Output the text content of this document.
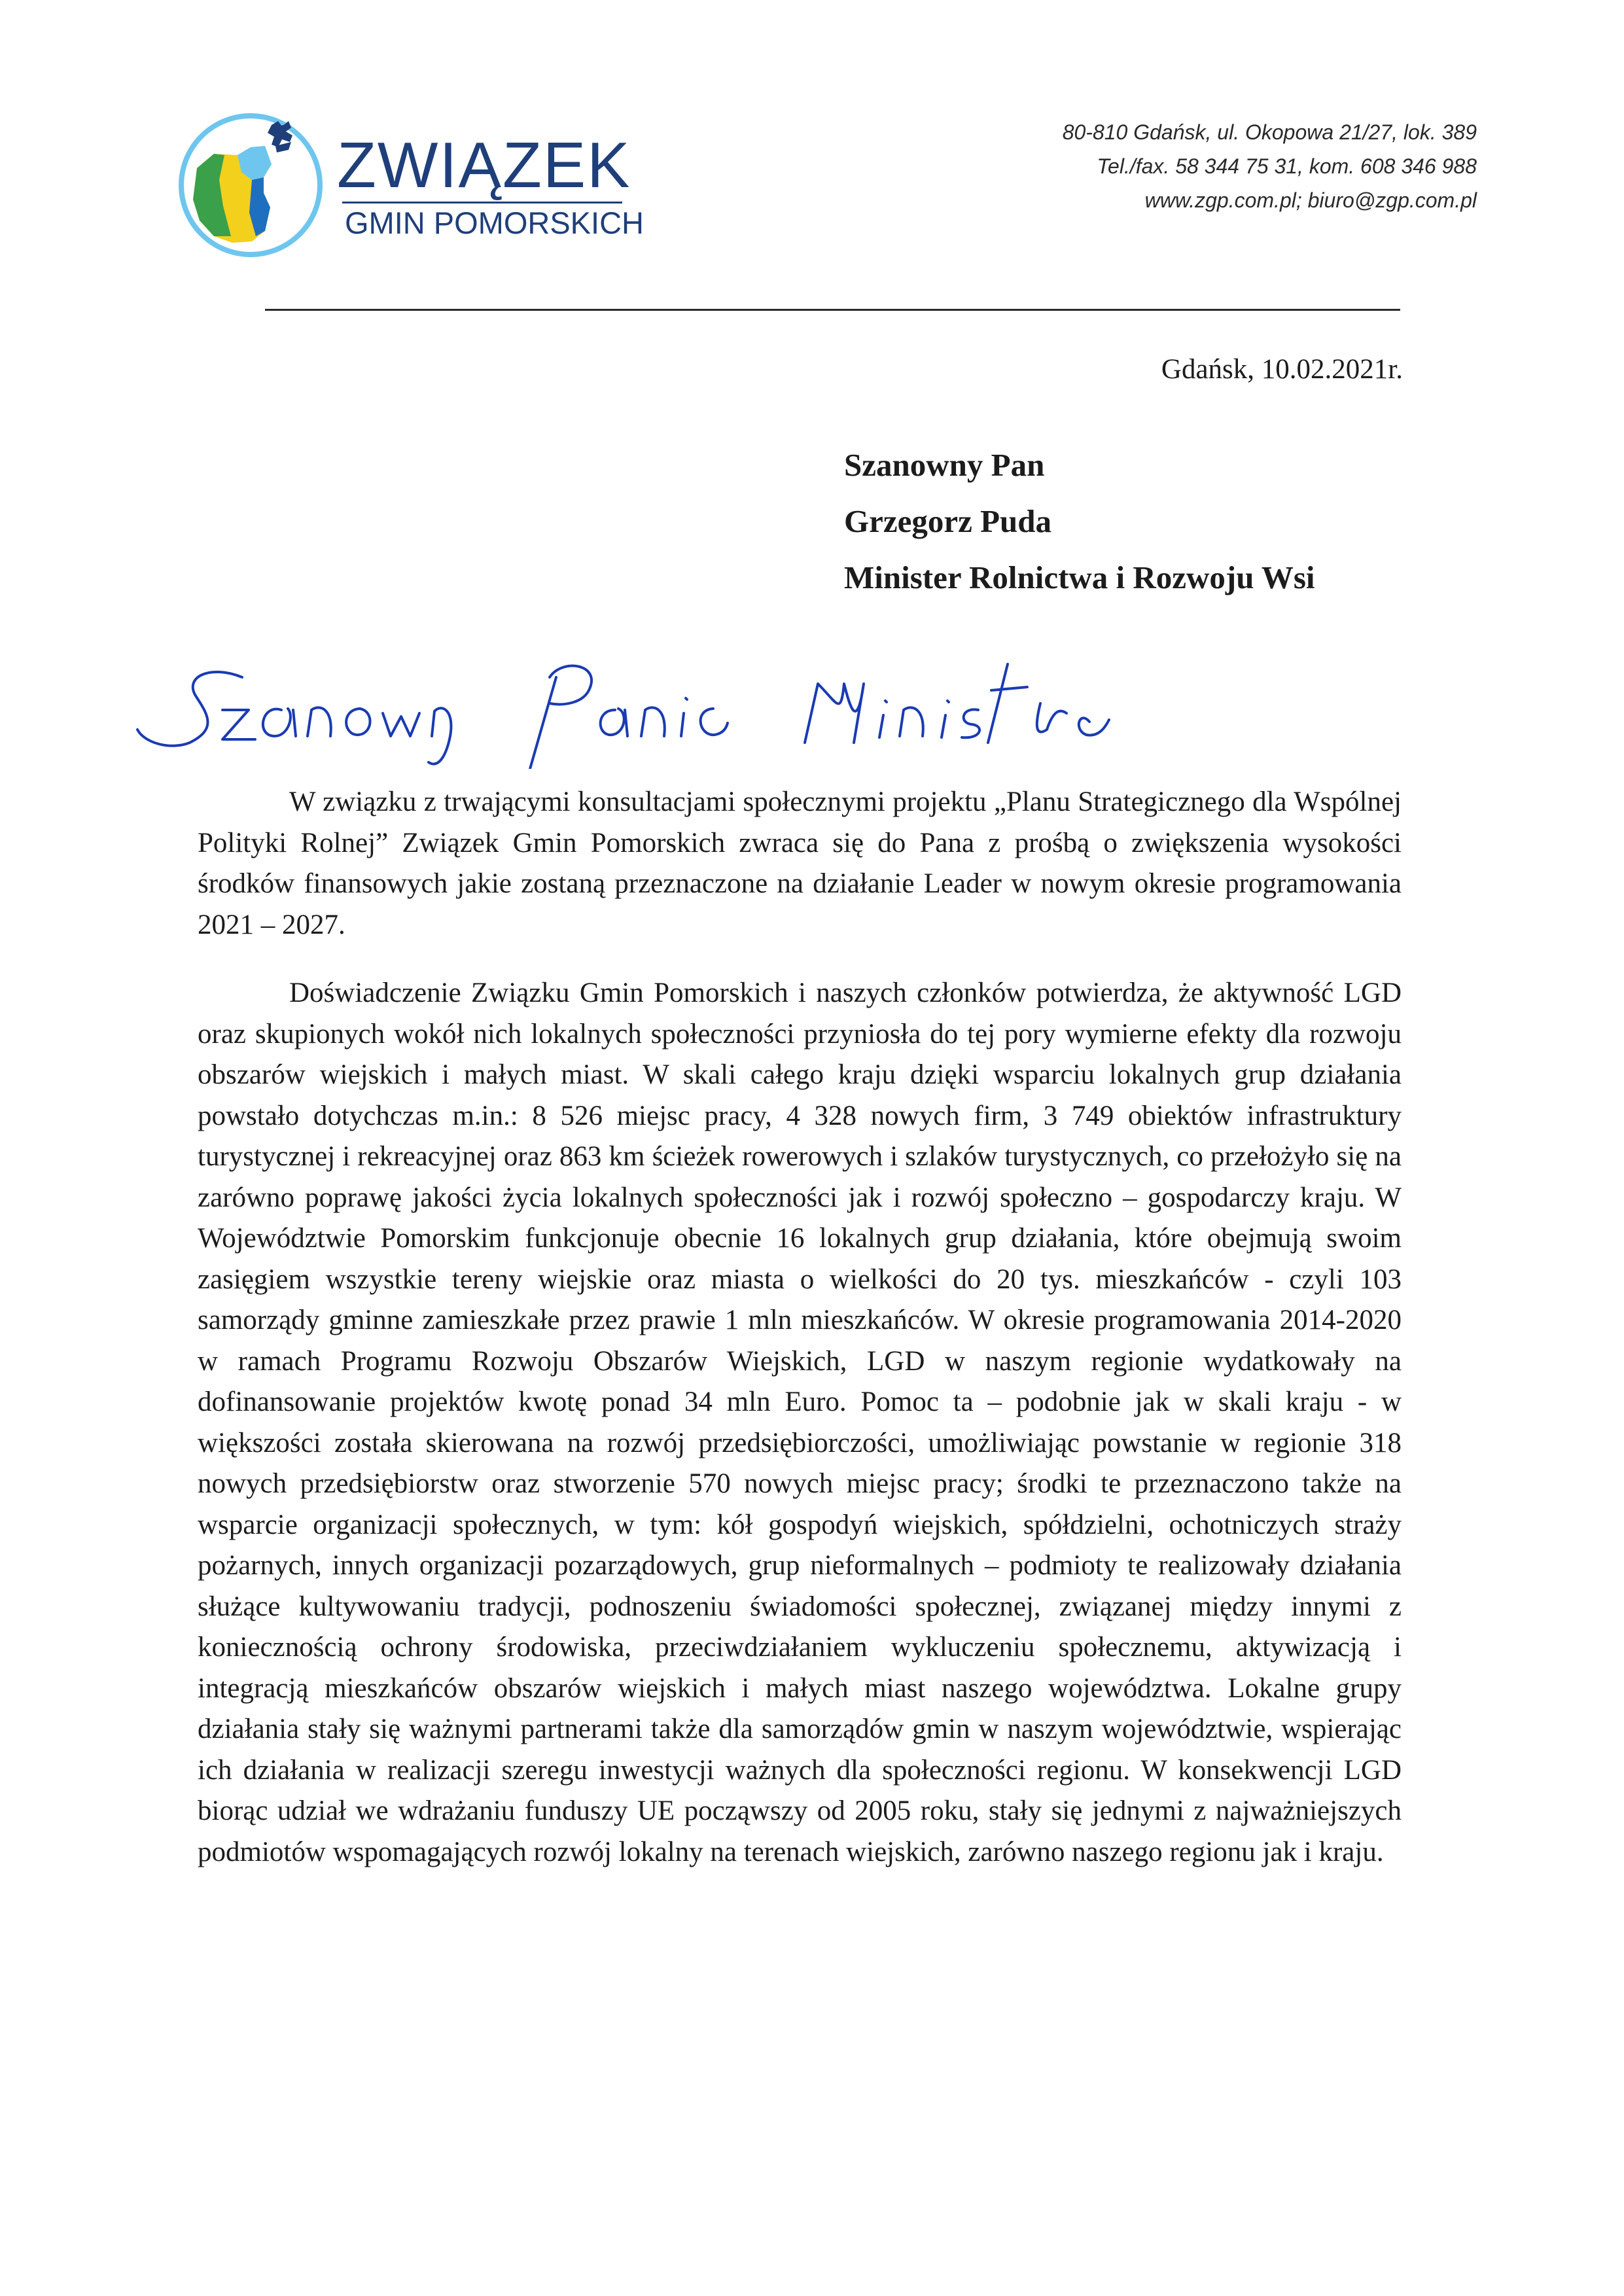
ZWIĄZEK
GMIN POMORSKICH
80-810 Gdańsk, ul. Okopowa 21/27, lok. 389
Tel./fax. 58 344 75 31, kom. 608 346 988
www.zgp.com.pl; biuro@zgp.com.pl
Gdańsk, 10.02.2021r.
Szanowny Pan
Grzegorz Puda
Minister Rolnictwa i Rozwoju Wsi

W związku z trwającymi konsultacjami społecznymi projektu „Planu Strategicznego dla Wspólnej Polityki Rolnej” Związek Gmin Pomorskich zwraca się do Pana z prośbą o zwiększenia wysokości środków finansowych jakie zostaną przeznaczone na działanie Leader w nowym okresie programowania 2021 – 2027.

Doświadczenie Związku Gmin Pomorskich i naszych członków potwierdza, że aktywność LGD oraz skupionych wokół nich lokalnych społeczności przyniosła do tej pory wymierne efekty dla rozwoju obszarów wiejskich i małych miast. W skali całego kraju dzięki wsparciu lokalnych grup działania powstało dotychczas m.in.: 8 526 miejsc pracy, 4 328 nowych firm, 3 749 obiektów infrastruktury turystycznej i rekreacyjnej oraz 863 km ścieżek rowerowych i szlaków turystycznych, co przełożyło się na zarówno poprawę jakości życia lokalnych społeczności jak i rozwój społeczno – gospodarczy kraju. W Województwie Pomorskim funkcjonuje obecnie 16 lokalnych grup działania, które obejmują swoim zasięgiem wszystkie tereny wiejskie oraz miasta o wielkości do 20 tys. mieszkańców - czyli 103 samorządy gminne zamieszkałe przez prawie 1 mln mieszkańców. W okresie programowania 2014-2020 w ramach Programu Rozwoju Obszarów Wiejskich, LGD w naszym regionie wydatkowały na dofinansowanie projektów kwotę ponad 34 mln Euro. Pomoc ta – podobnie jak w skali kraju - w większości została skierowana na rozwój przedsiębiorczości, umożliwiając powstanie w regionie 318 nowych przedsiębiorstw oraz stworzenie 570 nowych miejsc pracy; środki te przeznaczono także na wsparcie organizacji społecznych, w tym: kół gospodyń wiejskich, spółdzielni, ochotniczych straży pożarnych, innych organizacji pozarządowych, grup nieformalnych – podmioty te realizowały działania służące kultywowaniu tradycji, podnoszeniu świadomości społecznej, związanej między innymi z koniecznością ochrony środowiska, przeciwdziałaniem wykluczeniu społecznemu, aktywizacją i integracją mieszkańców obszarów wiejskich i małych miast naszego województwa. Lokalne grupy działania stały się ważnymi partnerami także dla samorządów gmin w naszym województwie, wspierając ich działania w realizacji szeregu inwestycji ważnych dla społeczności regionu. W konsekwencji LGD biorąc udział we wdrażaniu funduszy UE począwszy od 2005 roku, stały się jednymi z najważniejszych podmiotów wspomagających rozwój lokalny na terenach wiejskich, zarówno naszego regionu jak i kraju.
